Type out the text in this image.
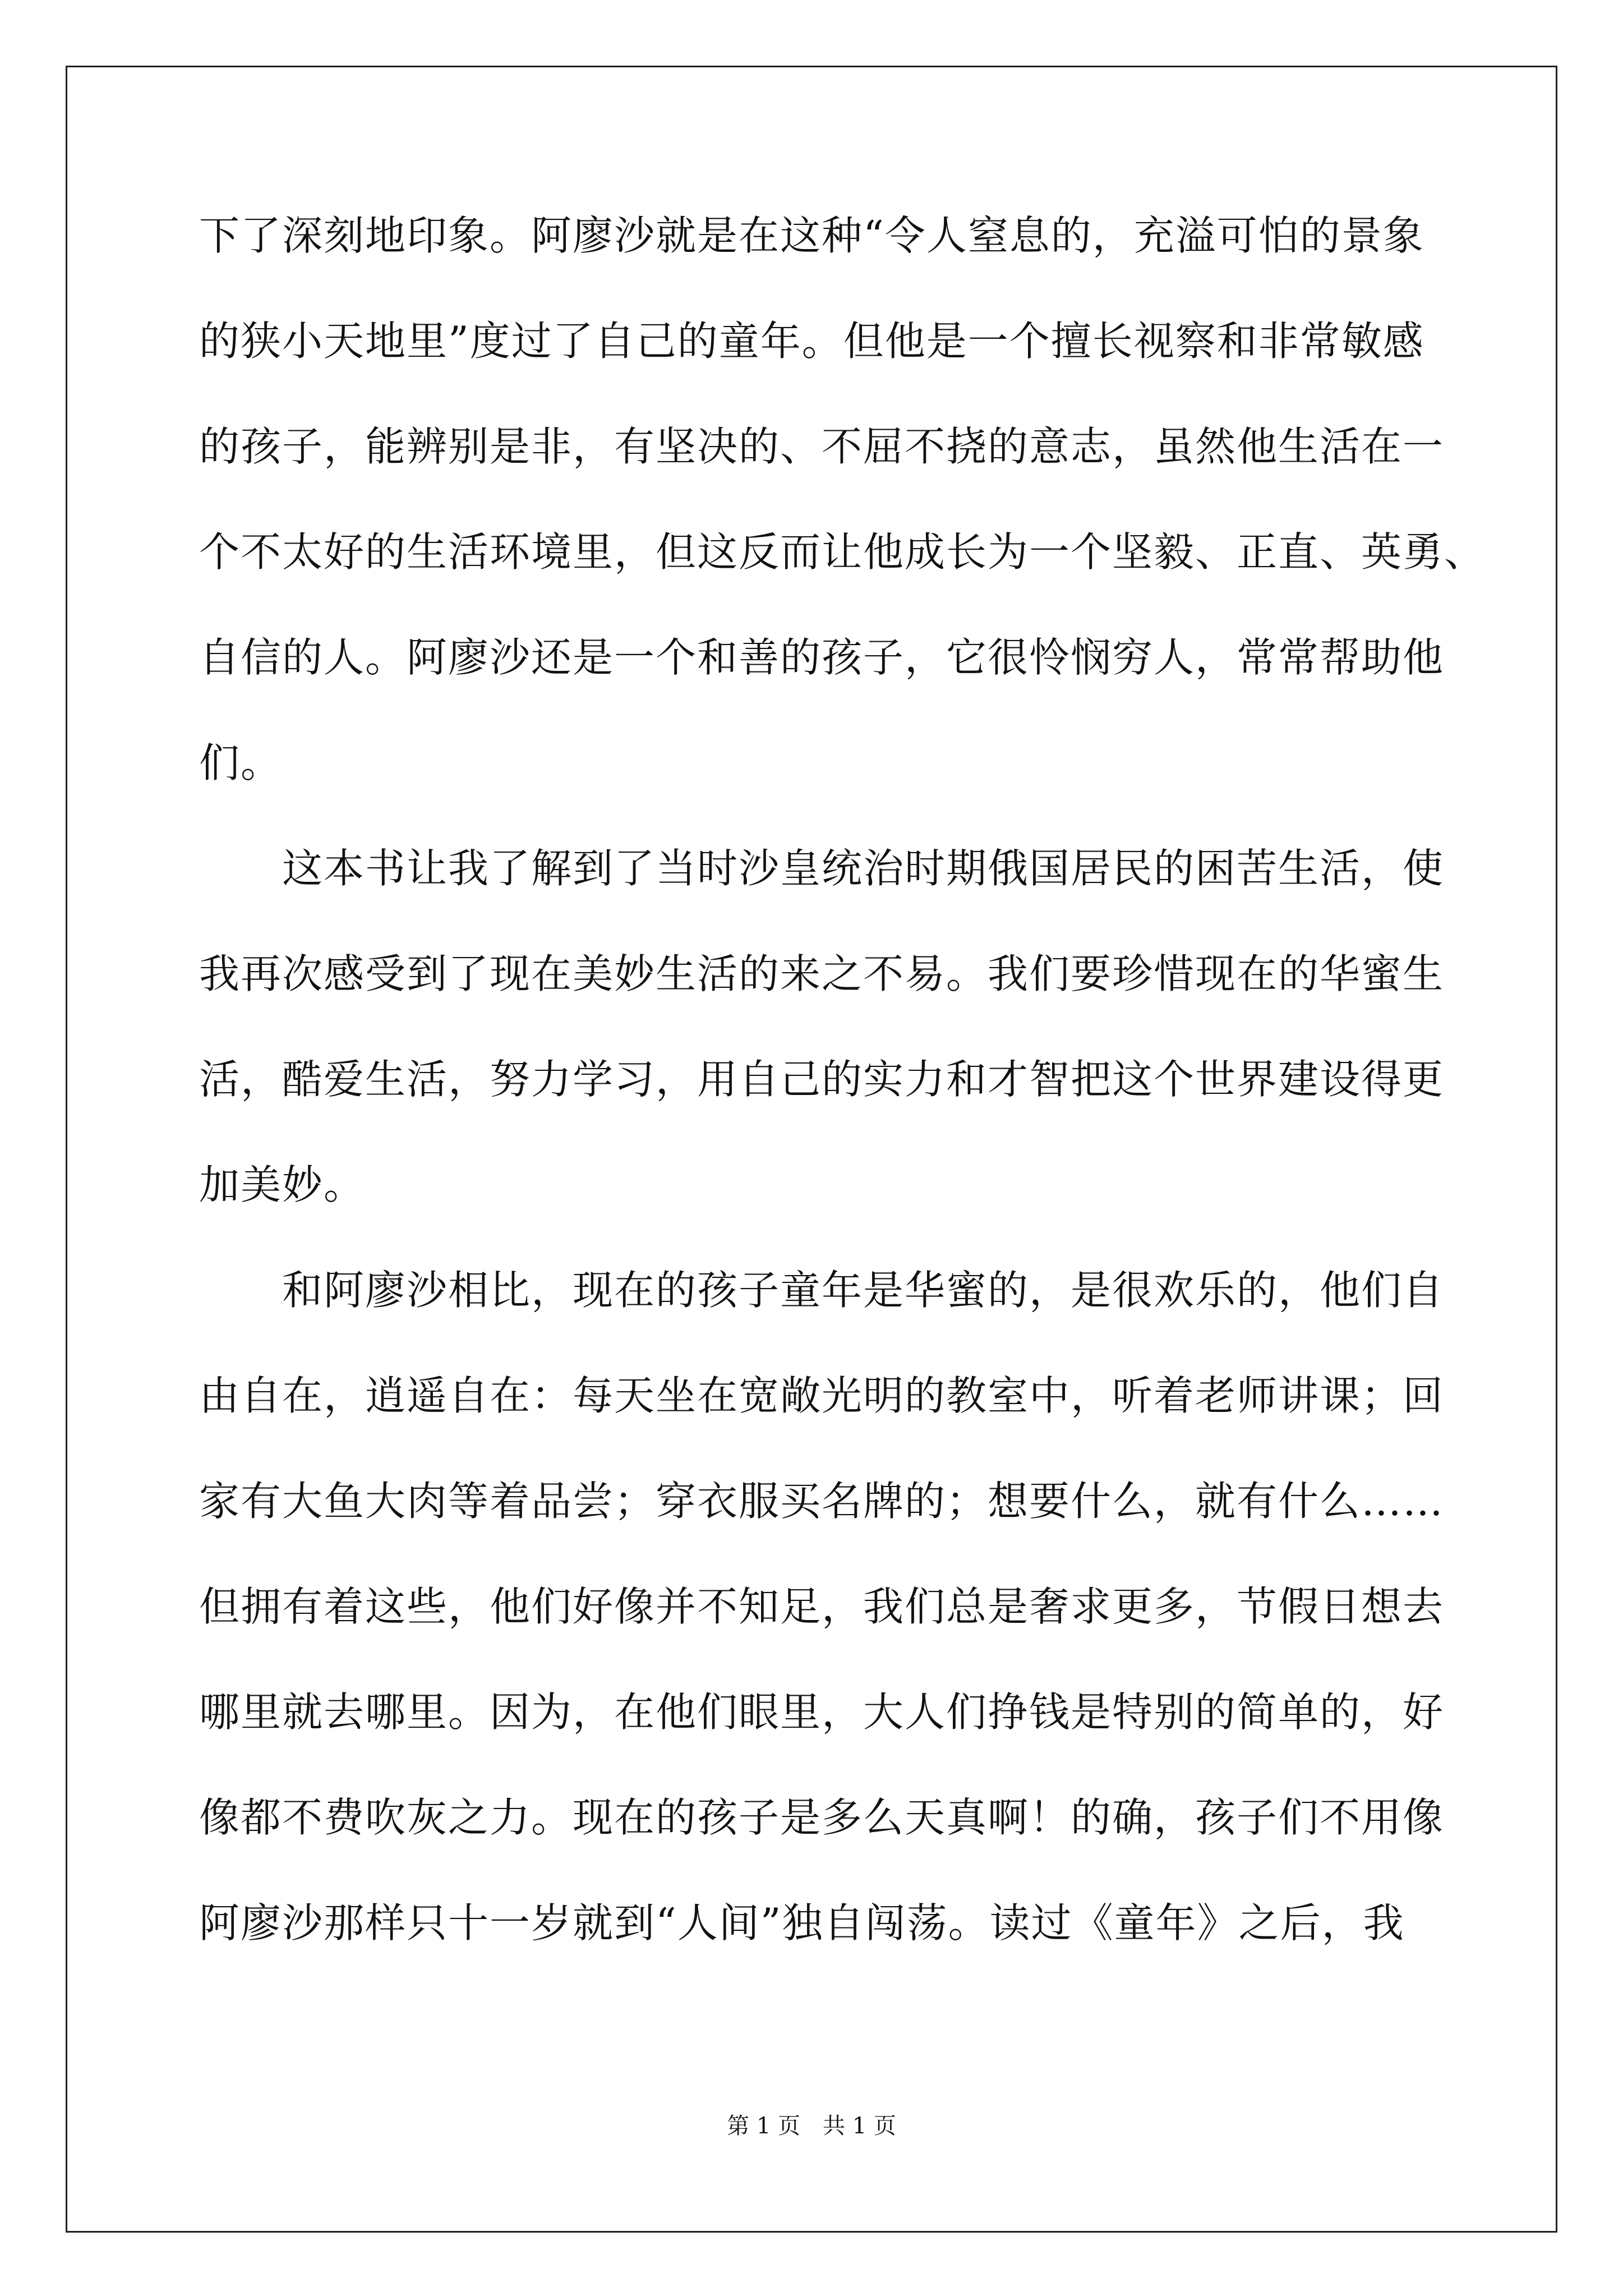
下了深刻地印象。阿廖沙就是在这种“令人窒息的，充溢可怕的景象
的狭小天地里”度过了自己的童年。但他是一个擅长视察和非常敏感
的孩子，能辨别是非，有坚决的、不屈不挠的意志，虽然他生活在一
个不太好的生活环境里，但这反而让他成长为一个坚毅、正直、英勇、
自信的人。阿廖沙还是一个和善的孩子，它很怜悯穷人，常常帮助他
们。
这本书让我了解到了当时沙皇统治时期俄国居民的困苦生活，使
我再次感受到了现在美妙生活的来之不易。我们要珍惜现在的华蜜生
活，酷爱生活，努力学习，用自己的实力和才智把这个世界建设得更
加美妙。
和阿廖沙相比，现在的孩子童年是华蜜的，是很欢乐的，他们自
由自在，逍遥自在：每天坐在宽敞光明的教室中，听着老师讲课；回
家有大鱼大肉等着品尝；穿衣服买名牌的；想要什么，就有什么……
但拥有着这些，他们好像并不知足，我们总是奢求更多，节假日想去
哪里就去哪里。因为，在他们眼里，大人们挣钱是特别的简单的，好
像都不费吹灰之力。现在的孩子是多么天真啊！的确，孩子们不用像
阿廖沙那样只十一岁就到“人间”独自闯荡。读过《童年》之后，我
第 1 页　共 1 页
